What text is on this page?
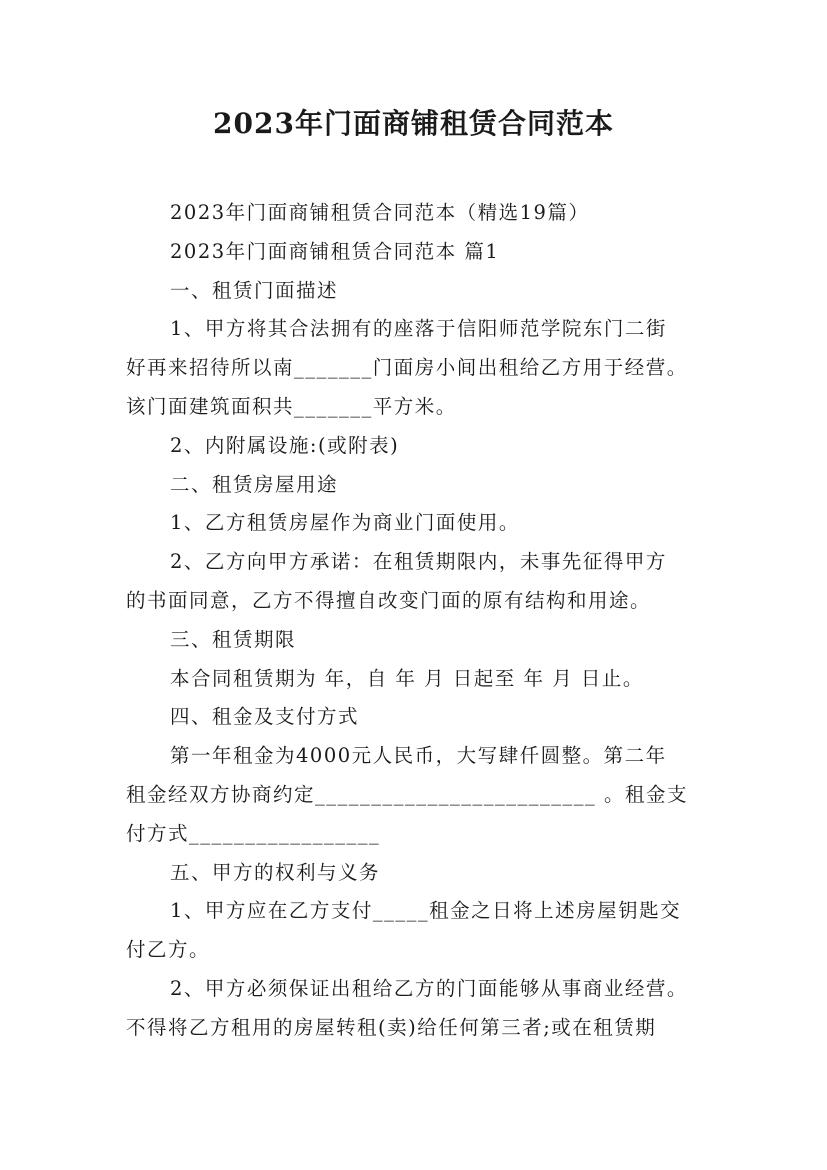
2023年门面商铺租赁合同范本
2023年门面商铺租赁合同范本（精选19篇）
2023年门面商铺租赁合同范本 篇1
一、租赁门面描述
1、甲方将其合法拥有的座落于信阳师范学院东门二街
好再来招待所以南_______门面房小间出租给乙方用于经营。
该门面建筑面积共_______平方米。
2、内附属设施:(或附表)
二、租赁房屋用途
1、乙方租赁房屋作为商业门面使用。
2、乙方向甲方承诺：在租赁期限内，未事先征得甲方
的书面同意，乙方不得擅自改变门面的原有结构和用途。
三、租赁期限
本合同租赁期为 年，自 年 月 日起至 年 月 日止。
四、租金及支付方式
第一年租金为4000元人民币，大写肆仟圆整。第二年
租金经双方协商约定_________________________ 。租金支
付方式_________________
五、甲方的权利与义务
1、甲方应在乙方支付_____租金之日将上述房屋钥匙交
付乙方。
2、甲方必须保证出租给乙方的门面能够从事商业经营。
不得将乙方租用的房屋转租(卖)给任何第三者;或在租赁期
